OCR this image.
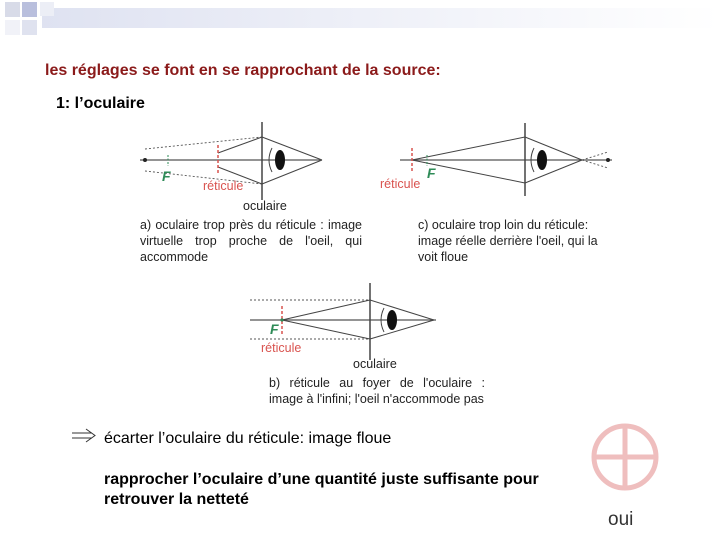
les réglages se font en se rapprochant de la source:
1: l’oculaire
F
réticule
oculaire
F
réticule
F
réticule
oculaire

a) oculaire trop près du réticule : image virtuelle trop proche de l'oeil, qui accommode

c) oculaire trop loin du réticule: image réelle derrière l'oeil, qui la voit floue

b) réticule au foyer de l'oculaire : image à l'infini; l'oeil n'accommode pas

écarter l’oculaire du réticule: image floue
rapprocher l’oculaire d’une quantité juste suffisante pour retrouver la netteté
oui
